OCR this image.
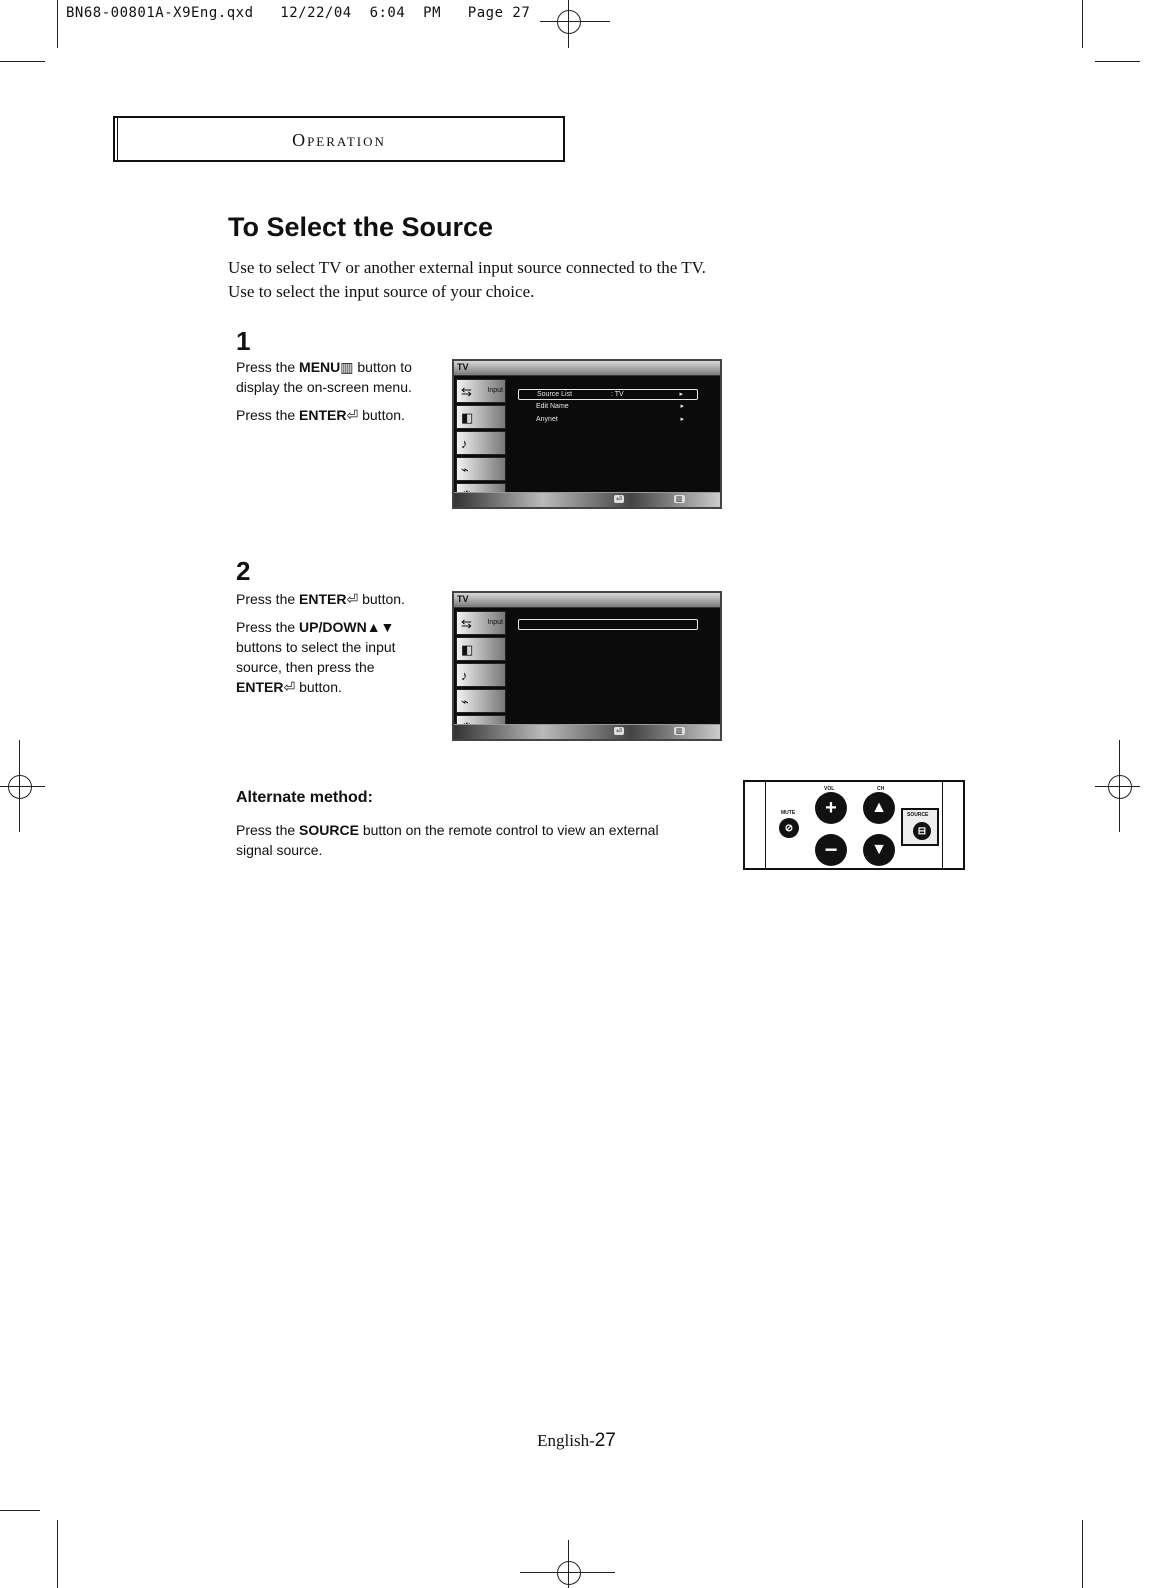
BN68-00801A-X9Eng.qxd   12/22/04  6:04  PM   Page 27
Operation
To Select the Source
Use to select TV or another external input source connected to the TV.
Use to select the input source of your choice.
1

Press the MENU▥ button to display the on-screen menu.

Press the ENTER⏎ button.

TV
⇆ Input
◧
♪
⌁
Source List	: TV	▸
Edit Name	▸
Anynet	▸
⏎	▥
2

Press the ENTER⏎ button.

Press the UP/DOWN▲▼ buttons to select the input source, then press the ENTER⏎ button.

TV
⇆ Input
◧
♪
⌁
⏎	▥
Alternate method:
Press the SOURCE button on the remote control to view an external signal source.
VOL	CH
MUTE
⊘
+
−
▲
▼
SOURCE
⊟
English-27
